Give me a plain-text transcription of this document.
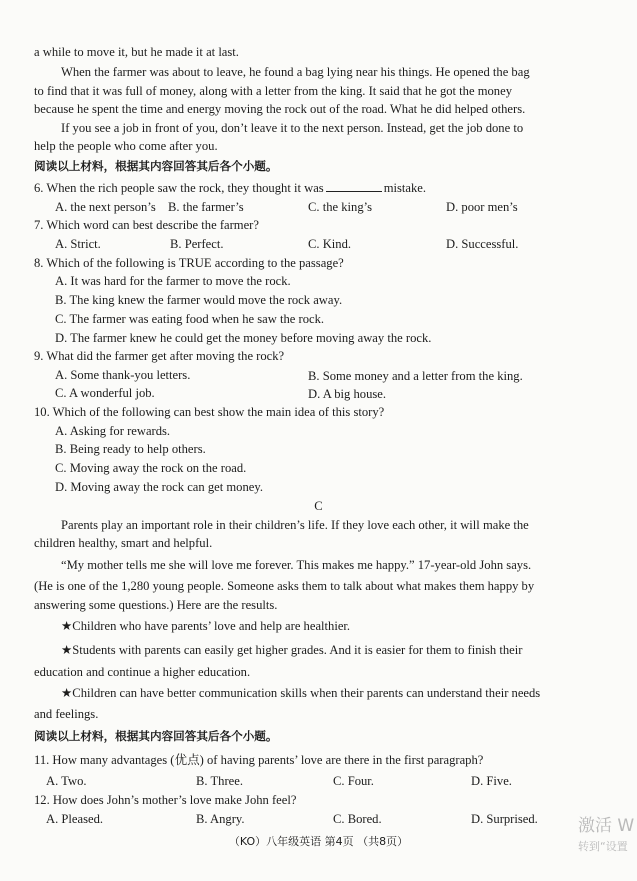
a while to move it, but he made it at last.
When the farmer was about to leave, he found a bag lying near his things. He opened the bag
to find that it was full of money, along with a letter from the king. It said that he got the money
because he spent the time and energy moving the rock out of the road. What he did helped others.
If you see a job in front of you, don’t leave it to the next person. Instead, get the job done to
help the people who come after you.
阅读以上材料，根据其内容回答其后各个小题。
6. When the rich people saw the rock, they thought it was	mistake.
A. the next person’s B. the farmer’s	C. the king’s	D. poor men’s
7. Which word can best describe the farmer?
A. Strict.	B. Perfect.	C. Kind.	D. Successful.
8. Which of the following is TRUE according to the passage?
A. It was hard for the farmer to move the rock.
B. The king knew the farmer would move the rock away.
C. The farmer was eating food when he saw the rock.
D. The farmer knew he could get the money before moving away the rock.
9. What did the farmer get after moving the rock?
A. Some thank-you letters.	B. Some money and a letter from the king.
C. A wonderful job.	D. A big house.
10. Which of the following can best show the main idea of this story?
A. Asking for rewards.
B. Being ready to help others.
C. Moving away the rock on the road.
D. Moving away the rock can get money.
C
Parents play an important role in their children’s life. If they love each other, it will make the
children healthy, smart and helpful.
“My mother tells me she will love me forever. This makes me happy.” 17-year-old John says.
(He is one of the 1,280 young people. Someone asks them to talk about what makes them happy by
answering some questions.) Here are the results.
★Children who have parents’ love and help are healthier.
★Students with parents can easily get higher grades. And it is easier for them to finish their
education and continue a higher education.
★Children can have better communication skills when their parents can understand their needs
and feelings.
阅读以上材料，根据其内容回答其后各个小题。
11. How many advantages (优点) of having parents’ love are there in the first paragraph?
A. Two.	B. Three.	C. Four.	D. Five.
12. How does John’s mother’s love make John feel?
A. Pleased.	B. Angry.	C. Bored.	D. Surprised.
（KO）八年级英语 第4页 （共8页）
激活 W
转到“设置
